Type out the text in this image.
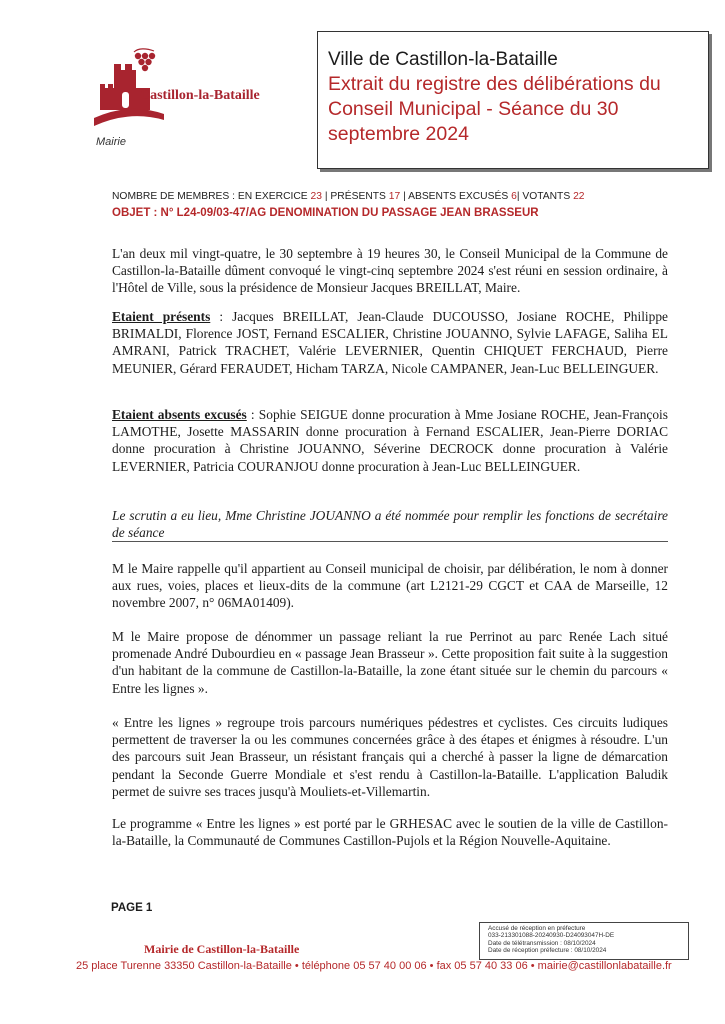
Castillon-la-Bataille
Mairie
Ville de Castillon-la-Bataille
Extrait du registre des délibérations du
Conseil Municipal - Séance du 30
septembre 2024
NOMBRE DE MEMBRES : EN EXERCICE 23 | PRÉSENTS 17 | ABSENTS EXCUSÉS 6| VOTANTS 22
OBJET : N° L24-09/03-47/AG DENOMINATION DU PASSAGE JEAN BRASSEUR
L'an deux mil vingt-quatre, le 30 septembre à 19 heures 30, le Conseil Municipal de la Commune de Castillon-la-Bataille dûment convoqué le vingt-cinq septembre 2024 s'est réuni en session ordinaire, à l'Hôtel de Ville, sous la présidence de Monsieur Jacques BREILLAT, Maire.
Etaient présents : Jacques BREILLAT, Jean-Claude DUCOUSSO, Josiane ROCHE, Philippe BRIMALDI, Florence JOST, Fernand ESCALIER, Christine JOUANNO, Sylvie LAFAGE, Saliha EL AMRANI, Patrick TRACHET, Valérie LEVERNIER, Quentin CHIQUET FERCHAUD, Pierre MEUNIER, Gérard FERAUDET, Hicham TARZA, Nicole CAMPANER, Jean-Luc BELLEINGUER.
Etaient absents excusés : Sophie SEIGUE donne procuration à Mme Josiane ROCHE, Jean-François LAMOTHE, Josette MASSARIN donne procuration à Fernand ESCALIER, Jean-Pierre DORIAC donne procuration à Christine JOUANNO, Séverine DECROCK donne procuration à Valérie LEVERNIER, Patricia COURANJOU donne procuration à Jean-Luc BELLEINGUER.
Le scrutin a eu lieu, Mme Christine JOUANNO a été nommée pour remplir les fonctions de secrétaire de séance
M le Maire rappelle qu'il appartient au Conseil municipal de choisir, par délibération, le nom à donner aux rues, voies, places et lieux-dits de la commune (art L2121-29 CGCT et CAA de Marseille, 12 novembre 2007, n° 06MA01409).
M le Maire propose de dénommer un passage reliant la rue Perrinot au parc Renée Lach situé promenade André Dubourdieu en « passage Jean Brasseur ». Cette proposition fait suite à la suggestion d'un habitant de la commune de Castillon-la-Bataille, la zone étant située sur le chemin du parcours « Entre les lignes ».
« Entre les lignes » regroupe trois parcours numériques pédestres et cyclistes. Ces circuits ludiques permettent de traverser la ou les communes concernées grâce à des étapes et énigmes à résoudre. L'un des parcours suit Jean Brasseur, un résistant français qui a cherché à passer la ligne de démarcation pendant la Seconde Guerre Mondiale et s'est rendu à Castillon-la-Bataille. L'application Baludik permet de suivre ses traces jusqu'à Mouliets-et-Villemartin.
Le programme « Entre les lignes » est porté par le GRHESAC avec le soutien de la ville de Castillon-la-Bataille, la Communauté de Communes Castillon-Pujols et la Région Nouvelle-Aquitaine.
PAGE 1
Accusé de réception en préfecture
033-213301088-20240930-D24093047H-DE
Date de télétransmission : 08/10/2024
Date de réception préfecture : 08/10/2024
Mairie de Castillon-la-Bataille
25 place Turenne 33350 Castillon-la-Bataille • téléphone 05 57 40 00 06 • fax 05 57 40 33 06 • mairie@castillonlabataille.fr
